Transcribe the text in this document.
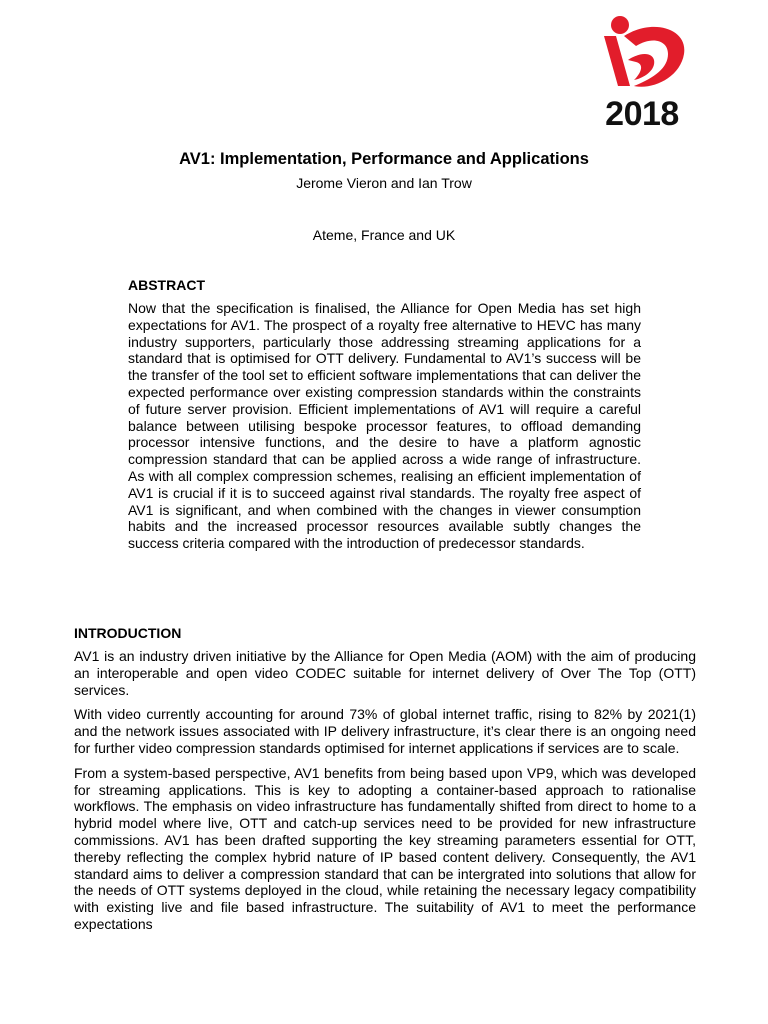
2018
AV1: Implementation, Performance and Applications
Jerome Vieron and Ian Trow
Ateme, France and UK
ABSTRACT

Now that the specification is finalised, the Alliance for Open Media has set high expectations for AV1. The prospect of a royalty free alternative to HEVC has many industry supporters, particularly those addressing streaming applications for a standard that is optimised for OTT delivery. Fundamental to AV1’s success will be the transfer of the tool set to efficient software implementations that can deliver the expected performance over existing compression standards within the constraints of future server provision. Efficient implementations of AV1 will require a careful balance between utilising bespoke processor features, to offload demanding processor intensive functions, and the desire to have a platform agnostic compression standard that can be applied across a wide range of infrastructure. As with all complex compression schemes, realising an efficient implementation of AV1 is crucial if it is to succeed against rival standards. The royalty free aspect of AV1 is significant, and when combined with the changes in viewer consumption habits and the increased processor resources available subtly changes the success criteria compared with the introduction of predecessor standards.

INTRODUCTION

AV1 is an industry driven initiative by the Alliance for Open Media (AOM) with the aim of producing an interoperable and open video CODEC suitable for internet delivery of Over The Top (OTT) services.

With video currently accounting for around 73% of global internet traffic, rising to 82% by 2021(1) and the network issues associated with IP delivery infrastructure, it’s clear there is an ongoing need for further video compression standards optimised for internet applications if services are to scale.

From a system-based perspective, AV1 benefits from being based upon VP9, which was developed for streaming applications. This is key to adopting a container-based approach to rationalise workflows. The emphasis on video infrastructure has fundamentally shifted from direct to home to a hybrid model where live, OTT and catch-up services need to be provided for new infrastructure commissions. AV1 has been drafted supporting the key streaming parameters essential for OTT, thereby reflecting the complex hybrid nature of IP based content delivery. Consequently, the AV1 standard aims to deliver a compression standard that can be intergrated into solutions that allow for the needs of OTT systems deployed in the cloud, while retaining the necessary legacy compatibility with existing live and file based infrastructure. The suitability of AV1 to meet the performance expectations
